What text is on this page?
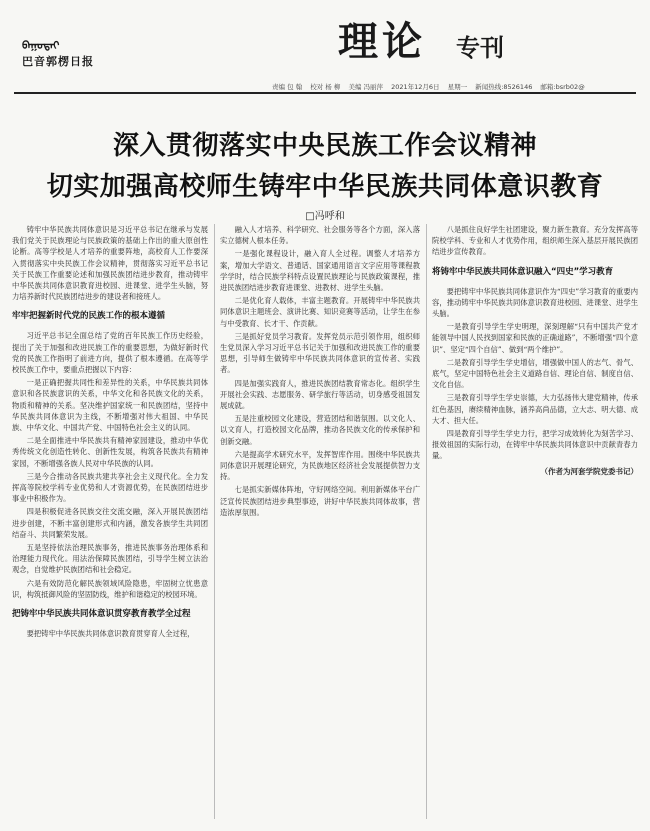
ᠪᠠᠭᠤᠳᠠᠢ
巴音郭楞日报	理论 专刊
责编 包 翰 校对 杨 柳 美编 冯丽萍 2021年12月6日 星期一 新闻热线:8526146 邮箱:bsrb02@
深入贯彻落实中央民族工作会议精神
切实加强高校师生铸牢中华民族共同体意识教育
□冯呼和

铸牢中华民族共同体意识是习近平总书记在继承与发展我们党关于民族理论与民族政策的基础上作出的重大原创性论断。高等学校是人才培养的重要阵地，高校育人工作要深入贯彻落实中央民族工作会议精神，贯彻落实习近平总书记关于民族工作重要论述和加强民族团结进步教育，推动铸牢中华民族共同体意识教育进校园、进课堂、进学生头脑，努力培养新时代民族团结进步的建设者和接班人。

牢牢把握新时代党的民族工作的根本遵循

习近平总书记全面总结了党的百年民族工作历史经验，提出了关于加强和改进民族工作的重要思想，为做好新时代党的民族工作指明了前进方向，提供了根本遵循。在高等学校民族工作中，要重点把握以下内容：

一是正确把握共同性和差异性的关系，中华民族共同体意识和各民族意识的关系，中华文化和各民族文化的关系，物质和精神的关系。坚决维护国家统一和民族团结，坚持中华民族共同体意识为主线，不断增强对伟大祖国、中华民族、中华文化、中国共产党、中国特色社会主义的认同。

二是全面推进中华民族共有精神家园建设，推动中华优秀传统文化创造性转化、创新性发展，构筑各民族共有精神家园，不断增强各族人民对中华民族的认同。

三是今合推动各民族共建共享社会主义现代化。全力发挥高等院校学科专业优势和人才资源优势，在民族团结进步事业中积极作为。

四是积极促进各民族交往交流交融，深入开展民族团结进步创建，不断丰富创建形式和内涵，激发各族学生共同团结奋斗、共同繁荣发展。

五是坚持依法治理民族事务，推进民族事务治理体系和治理能力现代化。用法治保障民族团结，引导学生树立法治观念，自觉维护民族团结和社会稳定。

六是有效防范化解民族领域风险隐患，牢固树立忧患意识，构筑抵御风险的坚固防线，维护和谐稳定的校园环境。

把铸牢中华民族共同体意识贯穿教育教学全过程

要把铸牢中华民族共同体意识教育贯穿育人全过程，

融入人才培养、科学研究、社会服务等各个方面，深入落实立德树人根本任务。

一是强化课程设计，融入育人全过程。调整人才培养方案，增加大学语文、普通话、国家通用语言文字应用等课程教学学时，结合民族学科特点设置民族理论与民族政策课程，推进民族团结进步教育进课堂、进教材、进学生头脑。

二是优化育人载体，丰富主题教育。开展铸牢中华民族共同体意识主题班会、演讲比赛、知识竞赛等活动，让学生在参与中受教育、长才干、作贡献。

三是抓好党员学习教育。发挥党员示范引领作用，组织师生党员深入学习习近平总书记关于加强和改进民族工作的重要思想，引导师生做铸牢中华民族共同体意识的宣传者、实践者。

四是加强实践育人，推进民族团结教育常态化。组织学生开展社会实践、志愿服务、研学旅行等活动，切身感受祖国发展成就。

五是注重校园文化建设，营造团结和谐氛围。以文化人、以文育人，打造校园文化品牌，推动各民族文化的传承保护和创新交融。

六是提高学术研究水平，发挥智库作用。围绕中华民族共同体意识开展理论研究，为民族地区经济社会发展提供智力支持。

七是抓实新媒体阵地，守好网络空间。利用新媒体平台广泛宣传民族团结进步典型事迹，讲好中华民族共同体故事，营造浓厚氛围。

八是抓住良好学生社团建设，聚力新生教育。充分发挥高等院校学科、专业和人才优势作用，组织师生深入基层开展民族团结进步宣传教育。

将铸牢中华民族共同体意识融入“四史”学习教育

要把铸牢中华民族共同体意识作为“四史”学习教育的重要内容，推动铸牢中华民族共同体意识教育进校园、进课堂、进学生头脑。

一是教育引导学生学史明理，深刻理解“只有中国共产党才能领导中国人民找到国家和民族的正确道路”，不断增强“四个意识”、坚定“四个自信”、做到“两个维护”。

二是教育引导学生学史增信，增强做中国人的志气、骨气、底气，坚定中国特色社会主义道路自信、理论自信、制度自信、文化自信。

三是教育引导学生学史崇德，大力弘扬伟大建党精神，传承红色基因，赓续精神血脉，涵养高尚品德，立大志、明大德、成大才、担大任。

四是教育引导学生学史力行，把学习成效转化为刻苦学习、报效祖国的实际行动，在铸牢中华民族共同体意识中贡献青春力量。

（作者为河套学院党委书记）
